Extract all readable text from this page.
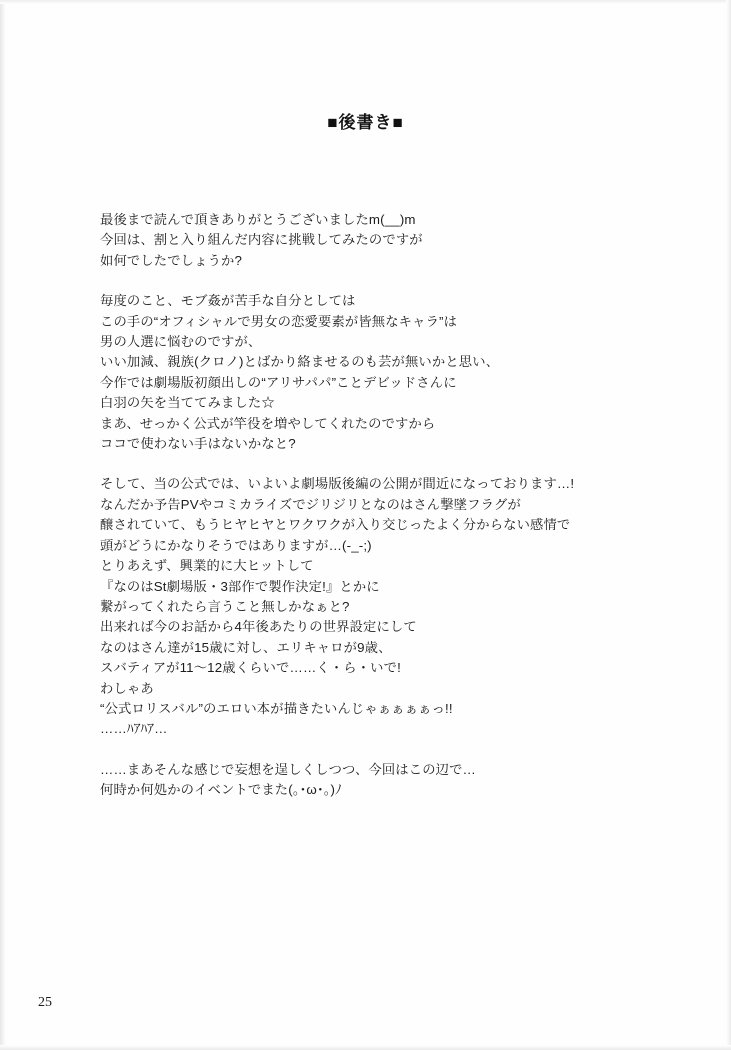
■後書き■
最後まで読んで頂きありがとうございましたm(__)m
今回は、割と入り組んだ内容に挑戦してみたのですが
如何でしたでしょうか?
毎度のこと、モブ姦が苦手な自分としては
この手の“オフィシャルで男女の恋愛要素が皆無なキャラ”は
男の人選に悩むのですが、
いい加減、親族(クロノ)とばかり絡ませるのも芸が無いかと思い、
今作では劇場版初顔出しの“アリサパパ”ことデビッドさんに
白羽の矢を当ててみました☆
まあ、せっかく公式が竿役を増やしてくれたのですから
ココで使わない手はないかなと?
そして、当の公式では、いよいよ劇場版後編の公開が間近になっております…!
なんだか予告PVやコミカライズでジリジリとなのはさん撃墜フラグが
醸されていて、もうヒヤヒヤとワクワクが入り交じったよく分からない感情で
頭がどうにかなりそうではありますが…(-_-;)
とりあえず、興業的に大ヒットして
『なのはSt劇場版・3部作で製作決定!』とかに
繋がってくれたら言うこと無しかなぁと?
出来れば今のお話から4年後あたりの世界設定にして
なのはさん達が15歳に対し、エリキャロが9歳、
スバティアが11〜12歳くらいで……く・ら・いで!
わしゃあ
“公式ロリスバル”のエロい本が描きたいんじゃぁぁぁぁっ!!
……ﾊｱﾊｱ…
……まあそんな感じで妄想を逞しくしつつ、今回はこの辺で…
何時か何処かのイベントでまた(｡･ω･｡)ﾉ
25
